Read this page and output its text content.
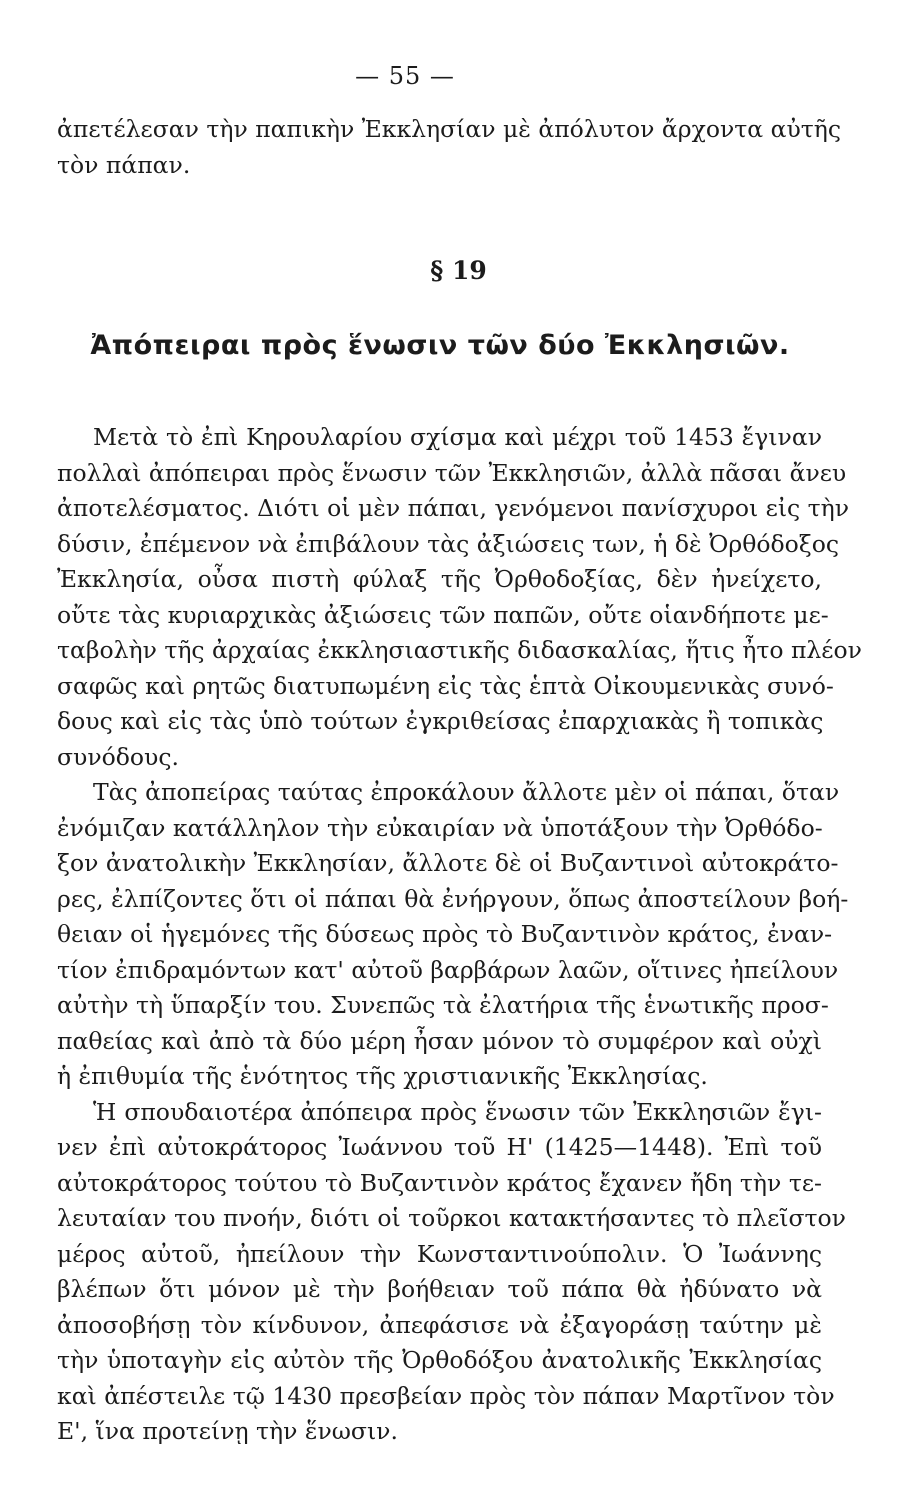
— 55 —
ἀπετέλεσαν τὴν παπικὴν Ἐκκλησίαν μὲ ἀπόλυτον ἄρχοντα αὐτῆς
τὸν πάπαν.
§ 19
Ἀπόπειραι πρὸς ἕνωσιν τῶν δύο Ἐκκλησιῶν.
Μετὰ τὸ ἐπὶ Κηρουλαρίου σχίσμα καὶ μέχρι τοῦ 1453 ἔγιναν
πολλαὶ ἀπόπειραι πρὸς ἕνωσιν τῶν Ἐκκλησιῶν, ἀλλὰ πᾶσαι ἄνευ
ἀποτελέσματος. Διότι οἱ μὲν πάπαι, γενόμενοι πανίσχυροι εἰς τὴν
δύσιν, ἐπέμενον νὰ ἐπιβάλουν τὰς ἀξιώσεις των, ἡ δὲ Ὀρθόδοξος
Ἐκκλησία, οὖσα πιστὴ φύλαξ τῆς Ὀρθοδοξίας, δὲν ἠνείχετο,
οὔτε τὰς κυριαρχικὰς ἀξιώσεις τῶν παπῶν, οὔτε οἱανδήποτε με-
ταβολὴν τῆς ἀρχαίας ἐκκλησιαστικῆς διδασκαλίας, ἥτις ἦτο πλέον
σαφῶς καὶ ρητῶς διατυπωμένη εἰς τὰς ἑπτὰ Οἰκουμενικὰς συνό-
δους καὶ εἰς τὰς ὑπὸ τούτων ἐγκριθείσας ἐπαρχιακὰς ἢ τοπικὰς
συνόδους.
Τὰς ἀποπείρας ταύτας ἐπροκάλουν ἄλλοτε μὲν οἱ πάπαι, ὅταν
ἐνόμιζαν κατάλληλον τὴν εὐκαιρίαν νὰ ὑποτάξουν τὴν Ὀρθόδο-
ξον ἀνατολικὴν Ἐκκλησίαν, ἄλλοτε δὲ οἱ Βυζαντινοὶ αὐτοκράτο-
ρες, ἐλπίζοντες ὅτι οἱ πάπαι θὰ ἐνήργουν, ὅπως ἀποστείλουν βοή-
θειαν οἱ ἡγεμόνες τῆς δύσεως πρὸς τὸ Βυζαντινὸν κράτος, ἐναν-
τίον ἐπιδραμόντων κατ' αὐτοῦ βαρβάρων λαῶν, οἵτινες ἠπείλουν
αὐτὴν τὴ ὕπαρξίν του. Συνεπῶς τὰ ἐλατήρια τῆς ἑνωτικῆς προσ-
παθείας καὶ ἀπὸ τὰ δύο μέρη ἦσαν μόνον τὸ συμφέρον καὶ οὐχὶ
ἡ ἐπιθυμία τῆς ἑνότητος τῆς χριστιανικῆς Ἐκκλησίας.
Ἡ σπουδαιοτέρα ἀπόπειρα πρὸς ἕνωσιν τῶν Ἐκκλησιῶν ἔγι-
νεν ἐπὶ αὐτοκράτορος Ἰωάννου τοῦ Η' (1425—1448). Ἐπὶ τοῦ
αὐτοκράτορος τούτου τὸ Βυζαντινὸν κράτος ἔχανεν ἤδη τὴν τε-
λευταίαν του πνοήν, διότι οἱ τοῦρκοι κατακτήσαντες τὸ πλεῖστον
μέρος αὐτοῦ, ἠπείλουν τὴν Κωνσταντινούπολιν. Ὁ Ἰωάννης
βλέπων ὅτι μόνον μὲ τὴν βοήθειαν τοῦ πάπα θὰ ἠδύνατο νὰ
ἀποσοβήσῃ τὸν κίνδυνον, ἀπεφάσισε νὰ ἐξαγοράσῃ ταύτην μὲ
τὴν ὑποταγὴν εἰς αὐτὸν τῆς Ὀρθοδόξου ἀνατολικῆς Ἐκκλησίας
καὶ ἀπέστειλε τῷ 1430 πρεσβείαν πρὸς τὸν πάπαν Μαρτῖνον τὸν
Ε', ἵνα προτείνῃ τὴν ἕνωσιν.
